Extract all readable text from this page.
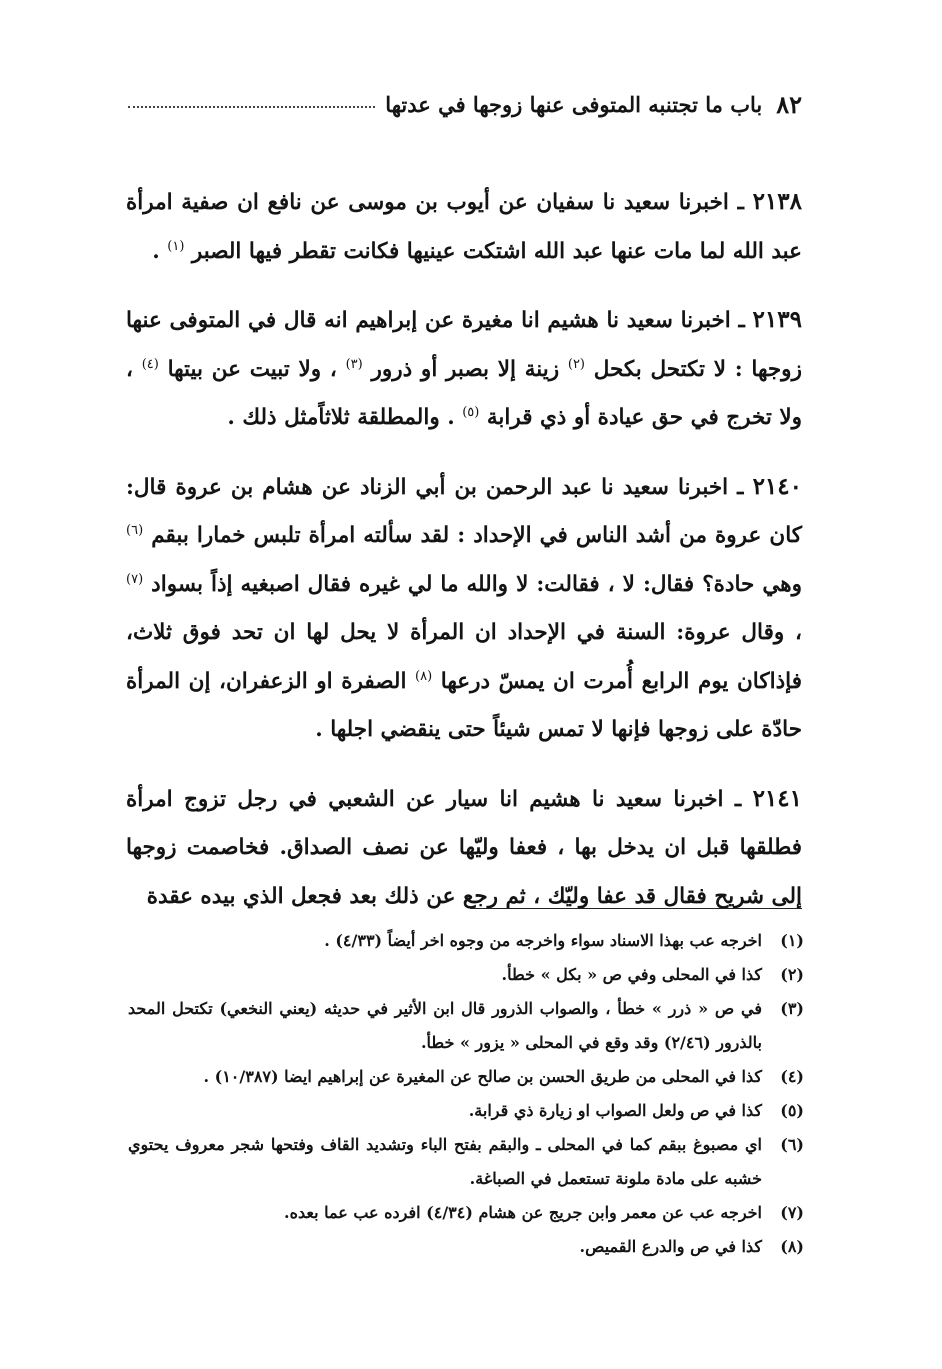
٨٢
باب ما تجتنبه المتوفى عنها زوجها في عدتها

٢١٣٨ ـ اخبرنا سعيد نا سفيان عن أيوب بن موسى عن نافع ان صفية امرأة عبد الله لما مات عنها عبد الله اشتكت عينيها فكانت تقطر فيها الصبر $^{(١)}$ .

٢١٣٩ ـ اخبرنا سعيد نا هشيم انا مغيرة عن إبراهيم انه قال في المتوفى عنها زوجها : لا تكتحل بكحل $^{(٢)}$ زينة إلا بصبر أو ذرور $^{(٣)}$ ، ولا تبيت عن بيتها $^{(٤)}$ ، ولا تخرج في حق عيادة أو ذي قرابة $^{(٥)}$ . والمطلقة ثلاثاًمثل ذلك .

٢١٤٠ ـ اخبرنا سعيد نا عبد الرحمن بن أبي الزناد عن هشام بن عروة قال: كان عروة من أشد الناس في الإحداد : لقد سألته امرأة تلبس خمارا ببقم $^{(٦)}$ وهي حادة؟ فقال: لا ، فقالت: لا والله ما لي غيره فقال اصبغيه إذاً بسواد $^{(٧)}$ ، وقال عروة: السنة في الإحداد ان المرأة لا يحل لها ان تحد فوق ثلاث، فإذاكان يوم الرابع أُمرت ان يمسّ درعها $^{(٨)}$ الصفرة او الزعفران، إن المرأة حادّة على زوجها فإنها لا تمس شيئاً حتى ينقضي اجلها .

٢١٤١ ـ اخبرنا سعيد نا هشيم انا سيار عن الشعبي في رجل تزوج امرأة فطلقها قبل ان يدخل بها ، فعفا وليّها عن نصف الصداق. فخاصمت زوجها إلى شريح فقال قد عفا وليّك ، ثم رجع عن ذلك بعد فجعل الذي بيده عقدة

(١)
اخرجه عب بهذا الاسناد سواء واخرجه من وجوه اخر أيضاً (٤/٣٣) .
(٢)
كذا في المحلى وفي ص « بكل » خطأ.
(٣)
في ص « ذرر » خطأ ، والصواب الذرور قال ابن الأثير في حديثه (يعني النخعي) تكتحل المحد بالذرور (٢/٤٦) وقد وقع في المحلى « يزور » خطأ.
(٤)
كذا في المحلى من طريق الحسن بن صالح عن المغيرة عن إبراهيم ايضا (١٠/٣٨٧) .
(٥)
كذا في ص ولعل الصواب او زيارة ذي قرابة.
(٦)
اي مصبوغ ببقم كما في المحلى ـ والبقم بفتح الباء وتشديد القاف وفتحها شجر معروف يحتوي خشبه على مادة ملونة تستعمل في الصباغة.
(٧)
اخرجه عب عن معمر وابن جريج عن هشام (٤/٣٤) افرده عب عما بعده.
(٨)
كذا في ص والدرع القميص.
